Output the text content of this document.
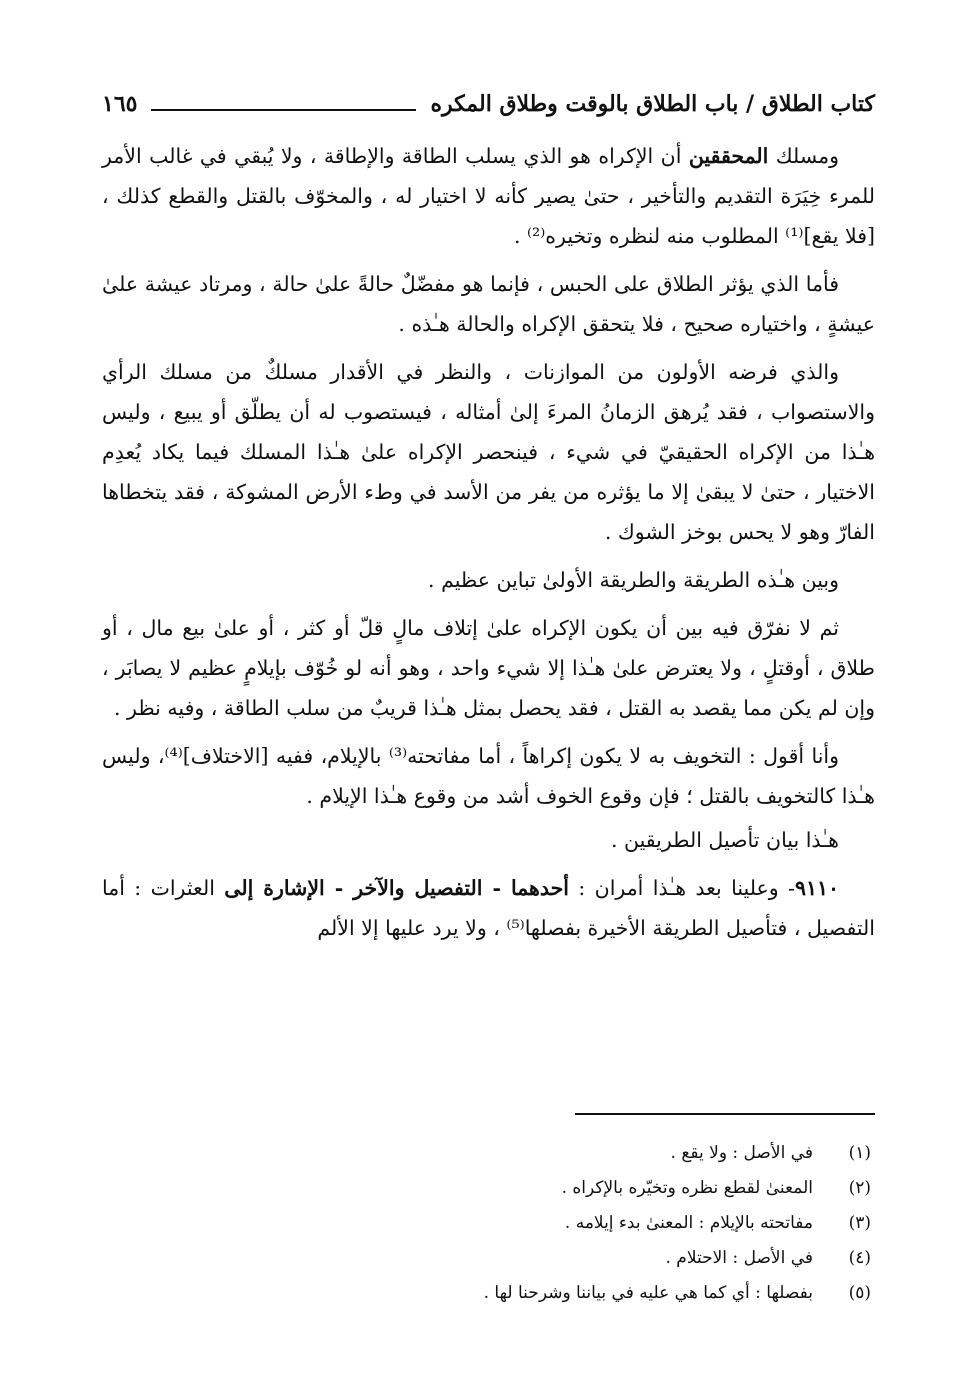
كتاب الطلاق / باب الطلاق بالوقت وطلاق المكره
١٦٥

ومسلك المحققين أن الإكراه هو الذي يسلب الطاقة والإطاقة ، ولا يُبقي في غالب الأمر للمرء خِيَرَة التقديم والتأخير ، حتىٰ يصير كأنه لا اختيار له ، والمخوّف بالقتل والقطع كذلك ، [فلا يقع]⁽¹⁾ المطلوب منه لنظره وتخيره⁽²⁾ .

فأما الذي يؤثر الطلاق على الحبس ، فإنما هو مفضّلٌ حالةً علىٰ حالة ، ومرتاد عيشة علىٰ عيشةٍ ، واختياره صحيح ، فلا يتحقق الإكراه والحالة هـٰذه .

والذي فرضه الأولون من الموازنات ، والنظر في الأقدار مسلكٌ من مسلك الرأي والاستصواب ، فقد يُرهق الزمانُ المرءَ إلىٰ أمثاله ، فيستصوب له أن يطلّق أو يبيع ، وليس هـٰذا من الإكراه الحقيقيّ في شيء ، فينحصر الإكراه علىٰ هـٰذا المسلك فيما يكاد يُعدِم الاختيار ، حتىٰ لا يبقىٰ إلا ما يؤثره من يفر من الأسد في وطء الأرض المشوكة ، فقد يتخطاها الفارّ وهو لا يحس بوخز الشوك .

وبين هـٰذه الطريقة والطريقة الأولىٰ تباين عظيم .

ثم لا نفرّق فيه بين أن يكون الإكراه علىٰ إتلاف مالٍ قلّ أو كثر ، أو علىٰ بيع مال ، أو طلاق ، أوقتلٍ ، ولا يعترض علىٰ هـٰذا إلا شيء واحد ، وهو أنه لو خُوّف بإيلامٍ عظيم لا يصابَر ، وإن لم يكن مما يقصد به القتل ، فقد يحصل بمثل هـٰذا قريبٌ من سلب الطاقة ، وفيه نظر .

وأنا أقول : التخويف به لا يكون إكراهاً ، أما مفاتحته⁽³⁾ بالإيلام، ففيه [الاختلاف]⁽⁴⁾، وليس هـٰذا كالتخويف بالقتل ؛ فإن وقوع الخوف أشد من وقوع هـٰذا الإيلام .

هـٰذا بيان تأصيل الطريقين .

٩١١٠- وعلينا بعد هـٰذا أمران : أحدهما - التفصيل والآخر - الإشارة إلى العثرات : أما التفصيل ، فتأصيل الطريقة الأخيرة بفصلها⁽⁵⁾ ، ولا يرد عليها إلا الألم

(١)
في الأصل : ولا يقع .
(٢)
المعنىٰ لقطع نظره وتخيّره بالإكراه .
(٣)
مفاتحته بالإيلام : المعنىٰ بدء إيلامه .
(٤)
في الأصل : الاحتلام .
(٥)
بفصلها : أي كما هي عليه في بياننا وشرحنا لها .
